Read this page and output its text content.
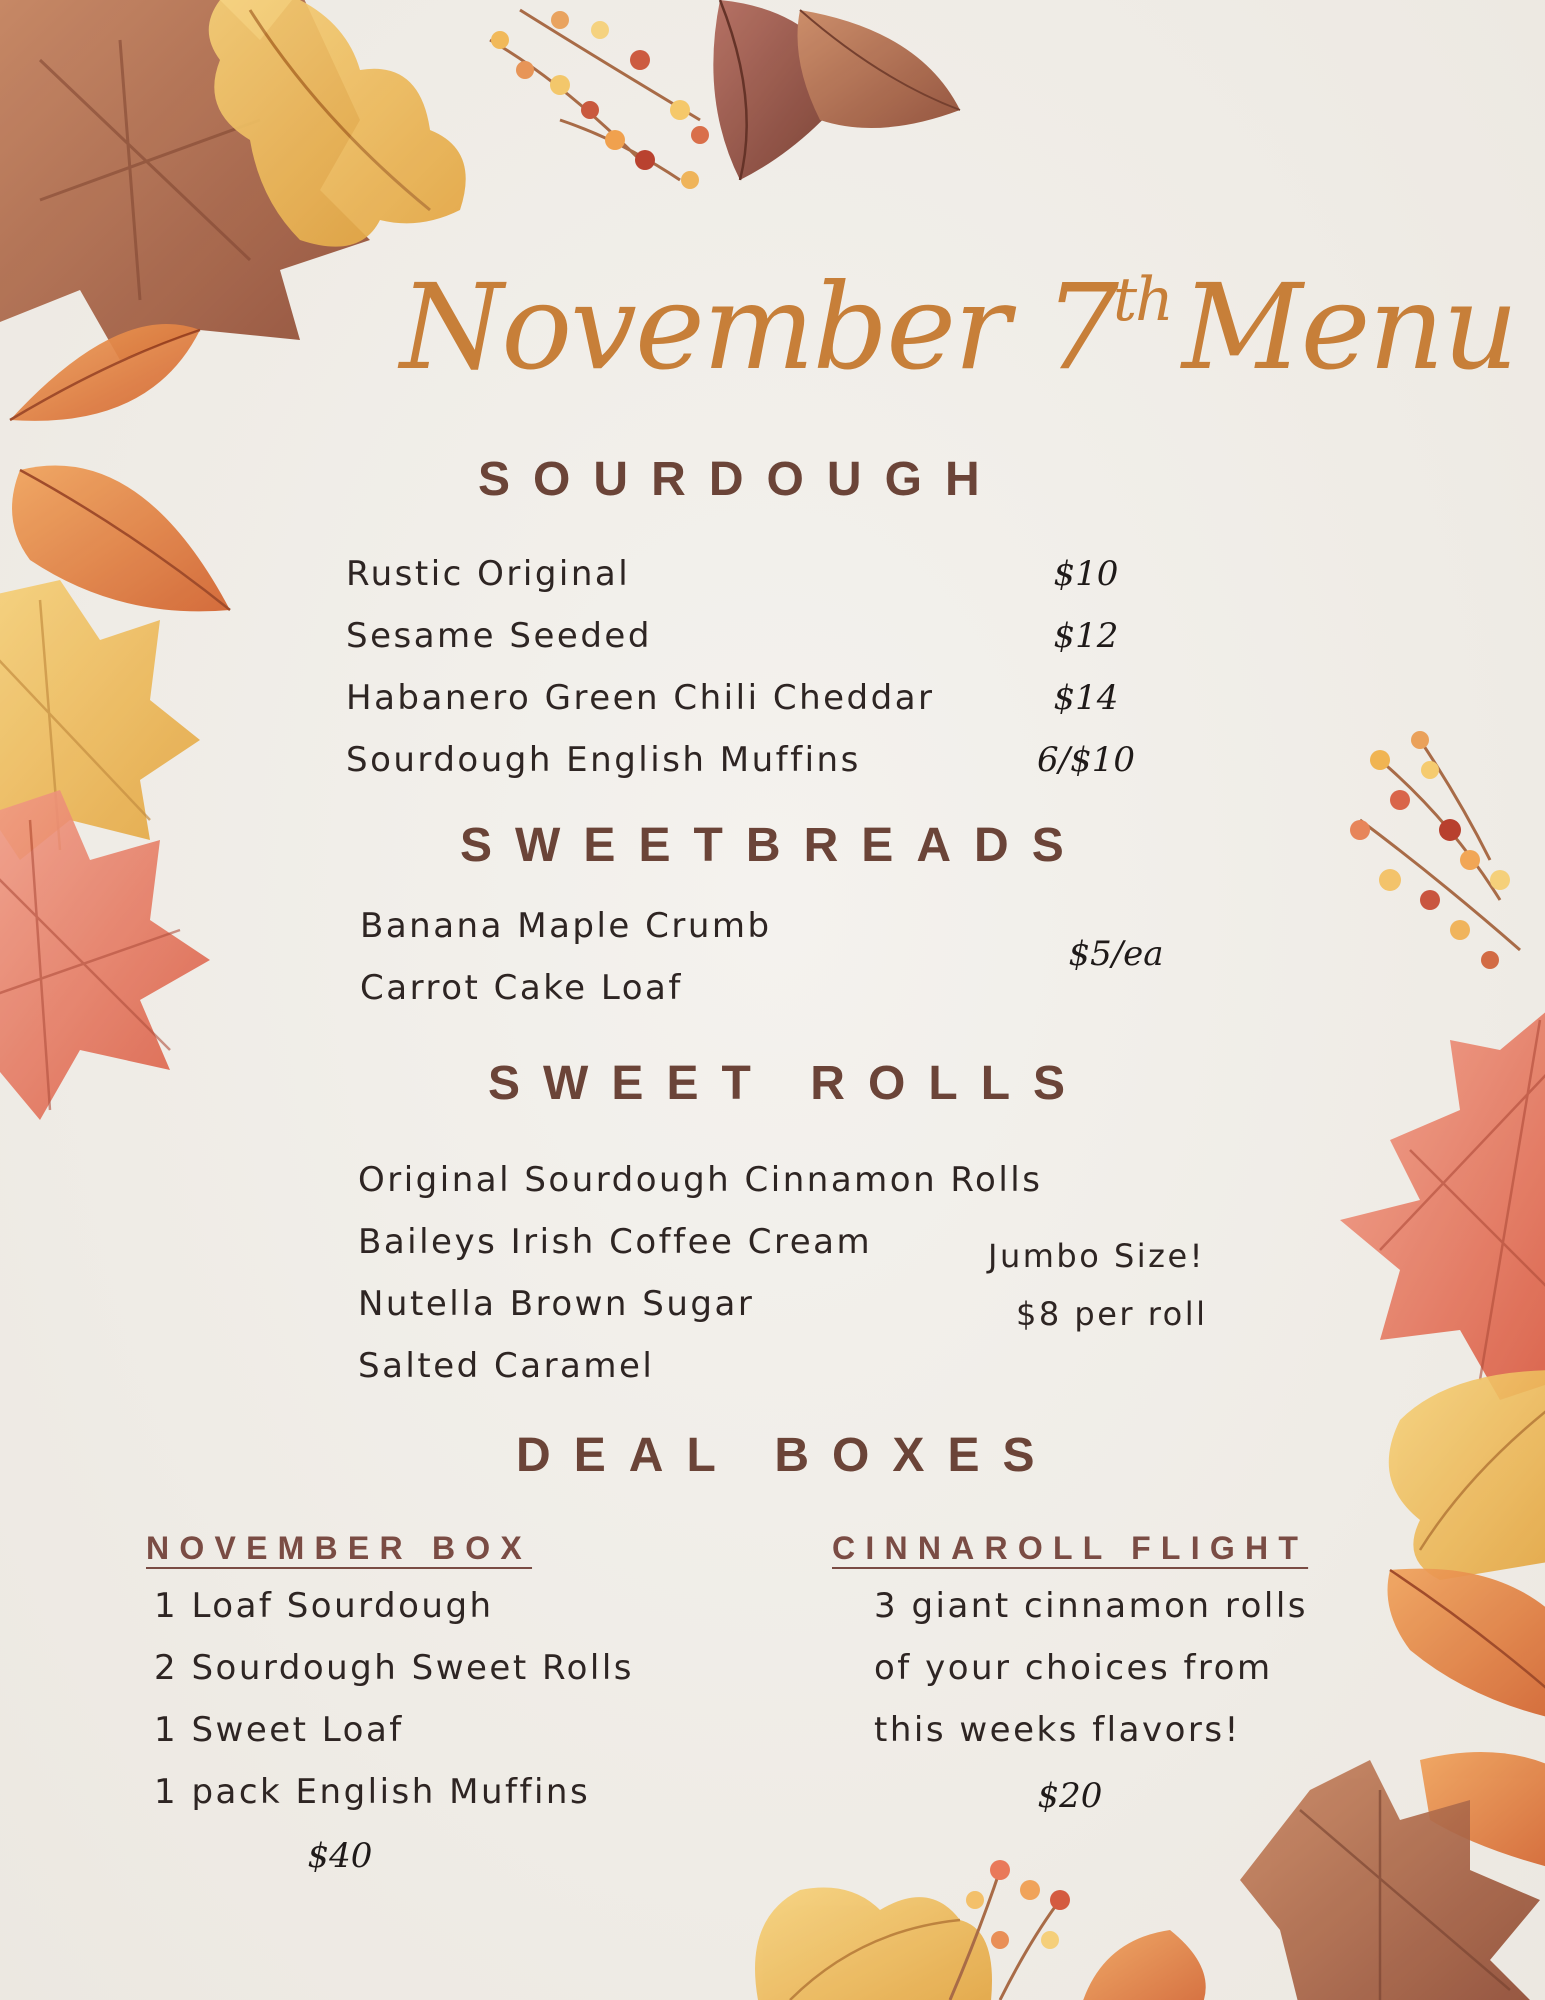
November 7thMenu
SOURDOUGH
Rustic Original	$10
Sesame Seeded	$12
Habanero Green Chili Cheddar	$14
Sourdough English Muffins	6/$10
SWEETBREADS
Banana Maple Crumb
Carrot Cake Loaf
$5/ea
SWEET ROLLS
Original Sourdough Cinnamon Rolls
Baileys Irish Coffee Cream
Nutella Brown Sugar
Salted Caramel
Jumbo Size!
$8 per roll
DEAL BOXES
NOVEMBER BOX
1 Loaf Sourdough
2 Sourdough Sweet Rolls
1 Sweet Loaf
1 pack English Muffins
$40
CINNAROLL FLIGHT
3 giant cinnamon rolls
of your choices from
this weeks flavors!
$20
